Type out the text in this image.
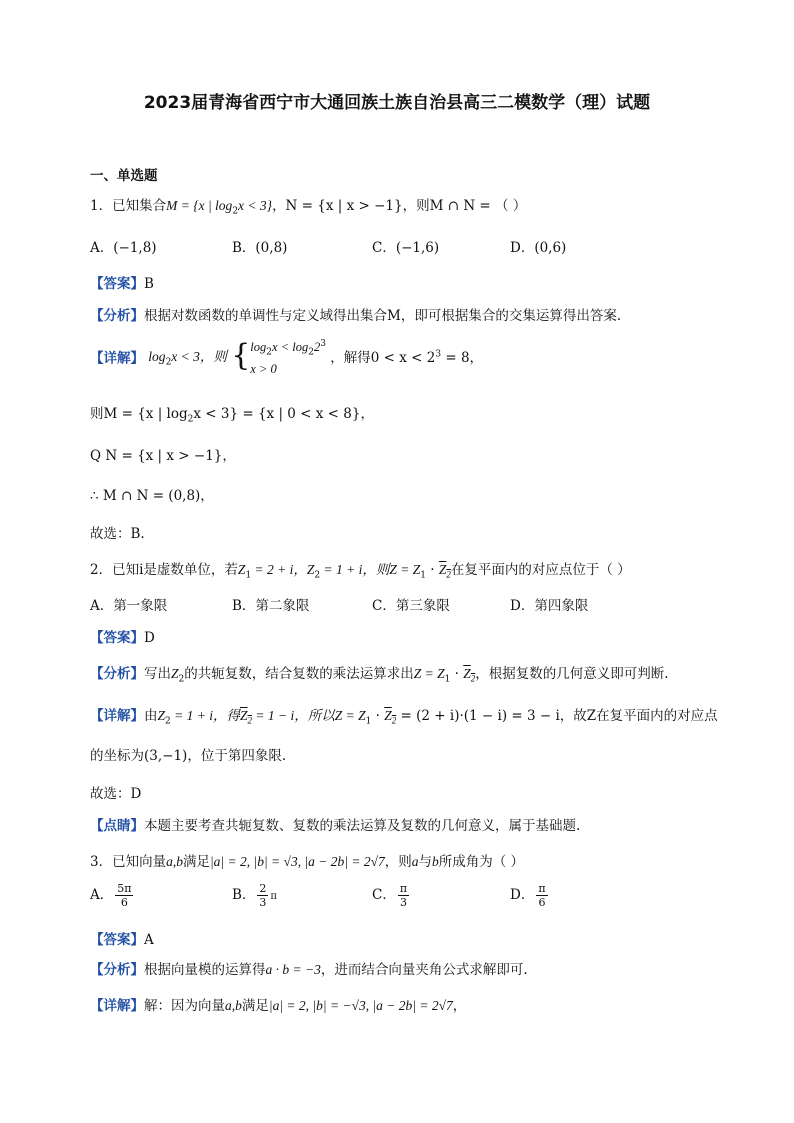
2023届青海省西宁市大通回族土族自治县高三二模数学（理）试题
一、单选题
1．已知集合M = {x | $\log_2x < 3$}，N = {x | x > −1}，则M ∩ N = （ ）
A．(−1,8)	B．(0,8)	C．(−1,6)	D．(0,6)
【答案】B
【分析】根据对数函数的单调性与定义域得出集合M，即可根据集合的交集运算得出答案.
【详解】 $\log_2x < 3$，则 {$\log_2x < \log_22^3$
x > 0 ，解得$0 < x < 2^3 = 8$，
则M = {x | $\log_2x < 3\} = \{x$ | 0 < x < 8}，
Q N = {x | x > −1}，
∴ M ∩ N = (0,8)，
故选：B.
2．已知i是虚数单位，若$Z_1 = 2 + i$，$Z_2 = 1 + i$，则$Z = Z_1 \cdot Z_2$在复平面内的对应点位于（ ）
A．第一象限	B．第二象限	C．第三象限	D．第四象限
【答案】D
【分析】写出$Z_2$的共轭复数，结合复数的乘法运算求出$Z = Z_1 \cdot Z_2$，根据复数的几何意义即可判断.
【详解】由$Z_2 = 1 + i$，得$Z_2 = 1 - i$，所以$Z = Z_1 \cdot Z_2 = (2 + i)\cdot(1 - i) = 3 - i$，故Z在复平面内的对应点
的坐标为(3,−1)，位于第四象限.
故选：D
【点睛】本题主要考查共轭复数、复数的乘法运算及复数的几何意义，属于基础题.
3．已知向量a,b满足|a| = 2, |b| = √3, |a − 2b| = 2√7，则a与b所成角为（ ）
A． $\frac{5\pi}{6}$	B． $\frac{2}{3}$ π	C． $\frac{\pi}{3}$	D． $\frac{\pi}{6}$
【答案】A
【分析】根据向量模的运算得a · b = −3，进而结合向量夹角公式求解即可.
【详解】解：因为向量a,b满足|a| = 2, |b| = −√3, |a − 2b| = 2√7，
